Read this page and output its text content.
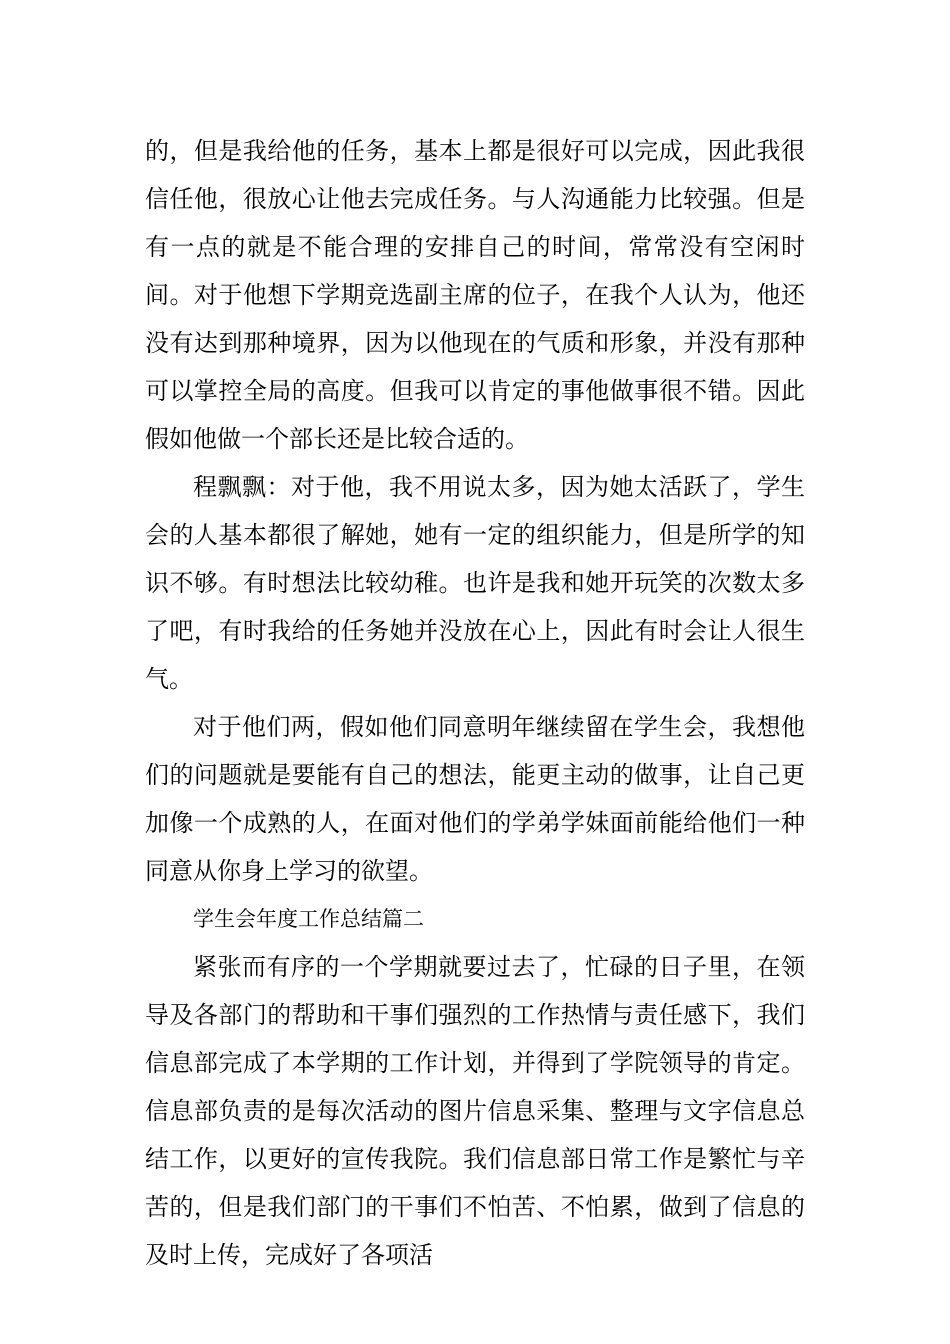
的，但是我给他的任务，基本上都是很好可以完成，因此我很信任他，很放心让他去完成任务。与人沟通能力比较强。但是有一点的就是不能合理的安排自己的时间，常常没有空闲时间。对于他想下学期竞选副主席的位子，在我个人认为，他还没有达到那种境界，因为以他现在的气质和形象，并没有那种可以掌控全局的高度。但我可以肯定的事他做事很不错。因此假如他做一个部长还是比较合适的。

程飘飘：对于他，我不用说太多，因为她太活跃了，学生会的人基本都很了解她，她有一定的组织能力，但是所学的知识不够。有时想法比较幼稚。也许是我和她开玩笑的次数太多了吧，有时我给的任务她并没放在心上，因此有时会让人很生气。

对于他们两，假如他们同意明年继续留在学生会，我想他们的问题就是要能有自己的想法，能更主动的做事，让自己更加像一个成熟的人，在面对他们的学弟学妹面前能给他们一种同意从你身上学习的欲望。

学生会年度工作总结篇二

紧张而有序的一个学期就要过去了，忙碌的日子里，在领导及各部门的帮助和干事们强烈的工作热情与责任感下，我们信息部完成了本学期的工作计划，并得到了学院领导的肯定。信息部负责的是每次活动的图片信息采集、整理与文字信息总结工作，以更好的宣传我院。我们信息部日常工作是繁忙与辛苦的，但是我们部门的干事们不怕苦、不怕累，做到了信息的及时上传，完成好了各项活
